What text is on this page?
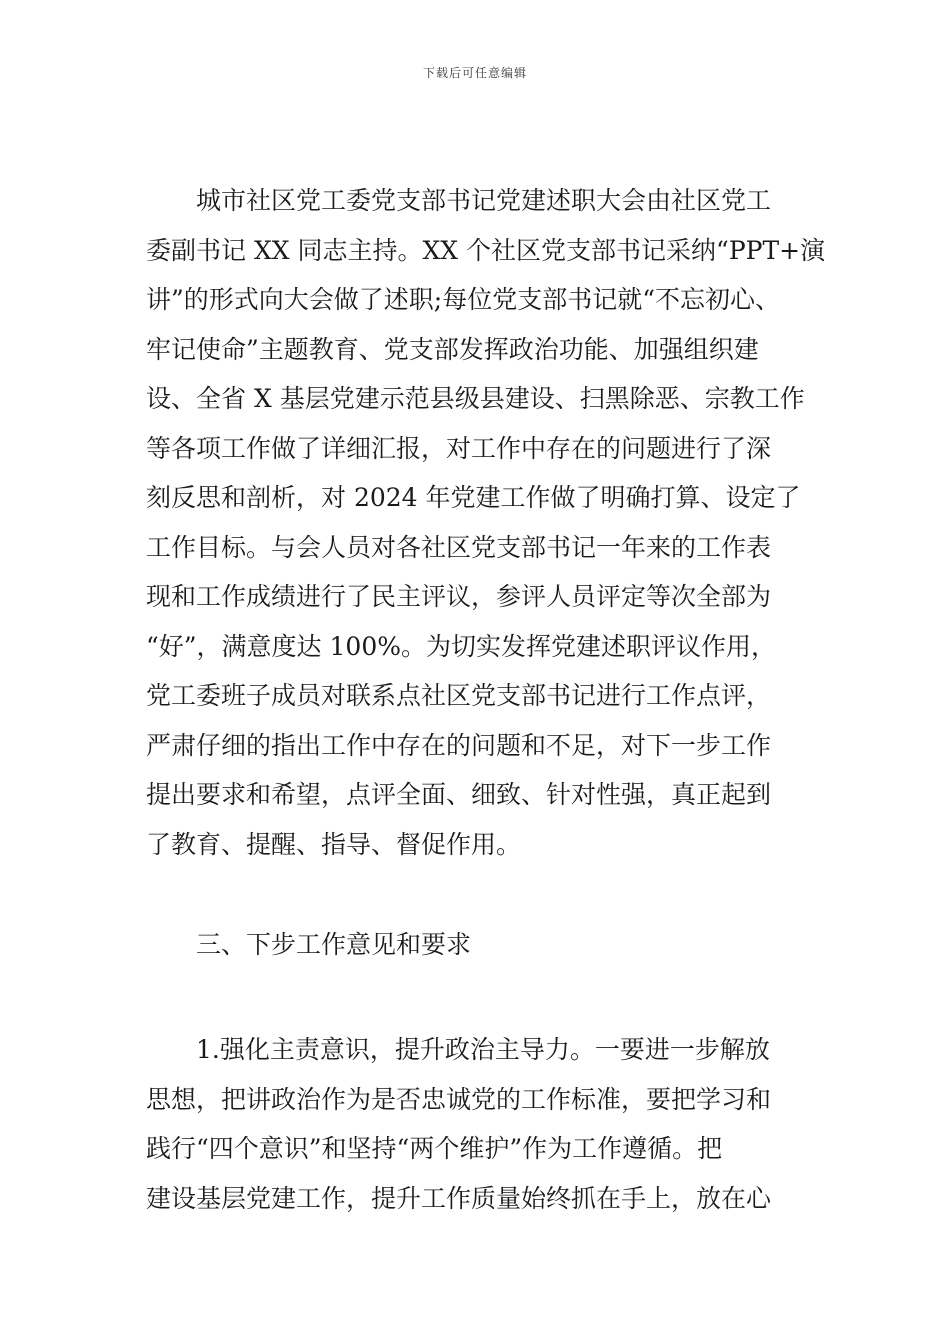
下载后可任意编辑
城市社区党工委党支部书记党建述职大会由社区党工
委副书记 XX 同志主持。XX 个社区党支部书记采纳“PPT+演
讲”的形式向大会做了述职;每位党支部书记就“不忘初心、
牢记使命”主题教育、党支部发挥政治功能、加强组织建
设、全省 X 基层党建示范县级县建设、扫黑除恶、宗教工作
等各项工作做了详细汇报，对工作中存在的问题进行了深
刻反思和剖析，对 2024 年党建工作做了明确打算、设定了
工作目标。与会人员对各社区党支部书记一年来的工作表
现和工作成绩进行了民主评议，参评人员评定等次全部为
“好”，满意度达 100%。为切实发挥党建述职评议作用，
党工委班子成员对联系点社区党支部书记进行工作点评，
严肃仔细的指出工作中存在的问题和不足，对下一步工作
提出要求和希望，点评全面、细致、针对性强，真正起到
了教育、提醒、指导、督促作用。
三、下步工作意见和要求
1.强化主责意识，提升政治主导力。一要进一步解放
思想，把讲政治作为是否忠诚党的工作标准，要把学习和
践行“四个意识”和坚持“两个维护”作为工作遵循。把
建设基层党建工作，提升工作质量始终抓在手上，放在心
